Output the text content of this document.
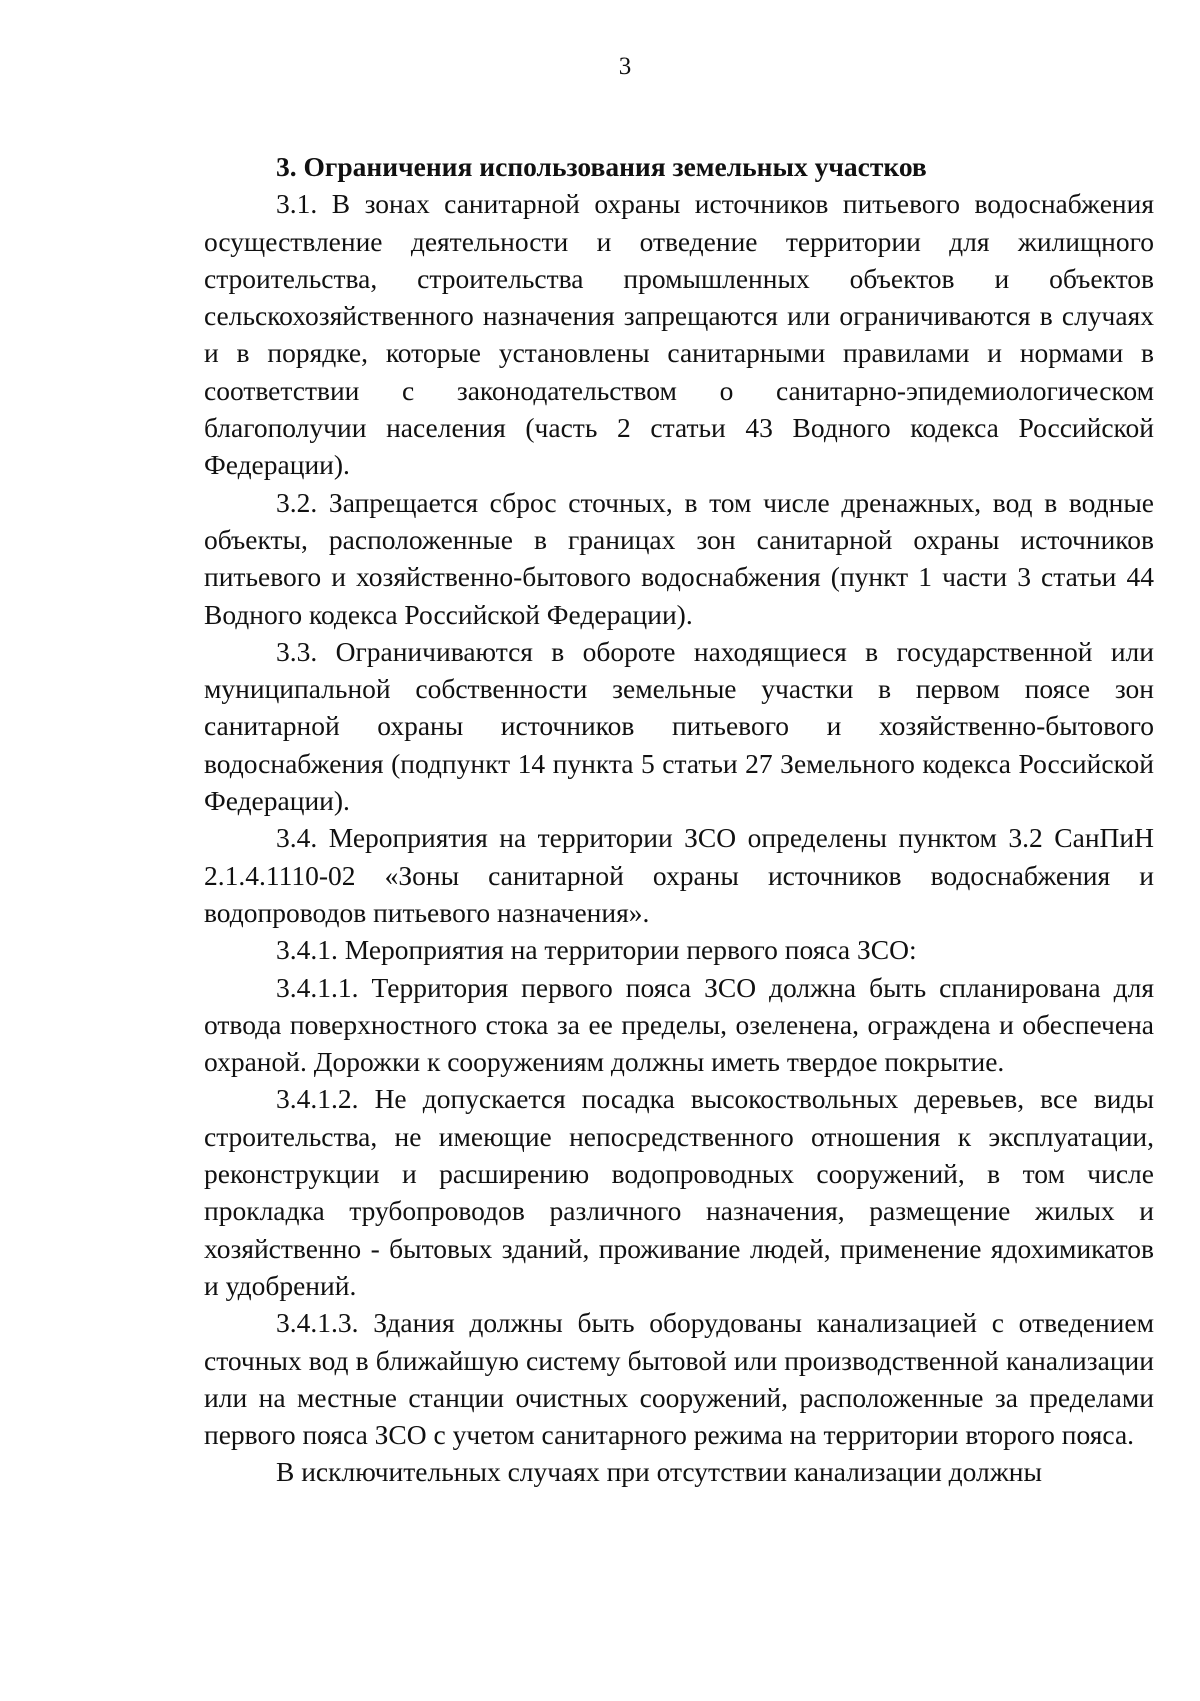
3

3. Ограничения использования земельных участков

3.1. В зонах санитарной охраны источников питьевого водоснабжения осуществление деятельности и отведение территории для жилищного строительства, строительства промышленных объектов и объектов сельскохозяйственного назначения запрещаются или ограничиваются в случаях и в порядке, которые установлены санитарными правилами и нормами в соответствии с законодательством о санитарно-эпидемиологическом благополучии населения (часть 2 статьи 43 Водного кодекса Российской Федерации).

3.2. Запрещается сброс сточных, в том числе дренажных, вод в водные объекты, расположенные в границах зон санитарной охраны источников питьевого и хозяйственно-бытового водоснабжения (пункт 1 части 3 статьи 44 Водного кодекса Российской Федерации).

3.3. Ограничиваются в обороте находящиеся в государственной или муниципальной собственности земельные участки в первом поясе зон санитарной охраны источников питьевого и хозяйственно-бытового водоснабжения (подпункт 14 пункта 5 статьи 27 Земельного кодекса Российской Федерации).

3.4. Мероприятия на территории ЗСО определены пунктом 3.2 СанПиН 2.1.4.1110-02 «Зоны санитарной охраны источников водоснабжения и водопроводов питьевого назначения».

3.4.1. Мероприятия на территории первого пояса ЗСО:

3.4.1.1. Территория первого пояса ЗСО должна быть спланирована для отвода поверхностного стока за ее пределы, озеленена, ограждена и обеспечена охраной. Дорожки к сооружениям должны иметь твердое покрытие.

3.4.1.2. Не допускается посадка высокоствольных деревьев, все виды строительства, не имеющие непосредственного отношения к эксплуатации, реконструкции и расширению водопроводных сооружений, в том числе прокладка трубопроводов различного назначения, размещение жилых и хозяйственно - бытовых зданий, проживание людей, применение ядохимикатов и удобрений.

3.4.1.3. Здания должны быть оборудованы канализацией с отведением сточных вод в ближайшую систему бытовой или производственной канализации или на местные станции очистных сооружений, расположенные за пределами первого пояса ЗСО с учетом санитарного режима на территории второго пояса.

В исключительных случаях при отсутствии канализации должны
